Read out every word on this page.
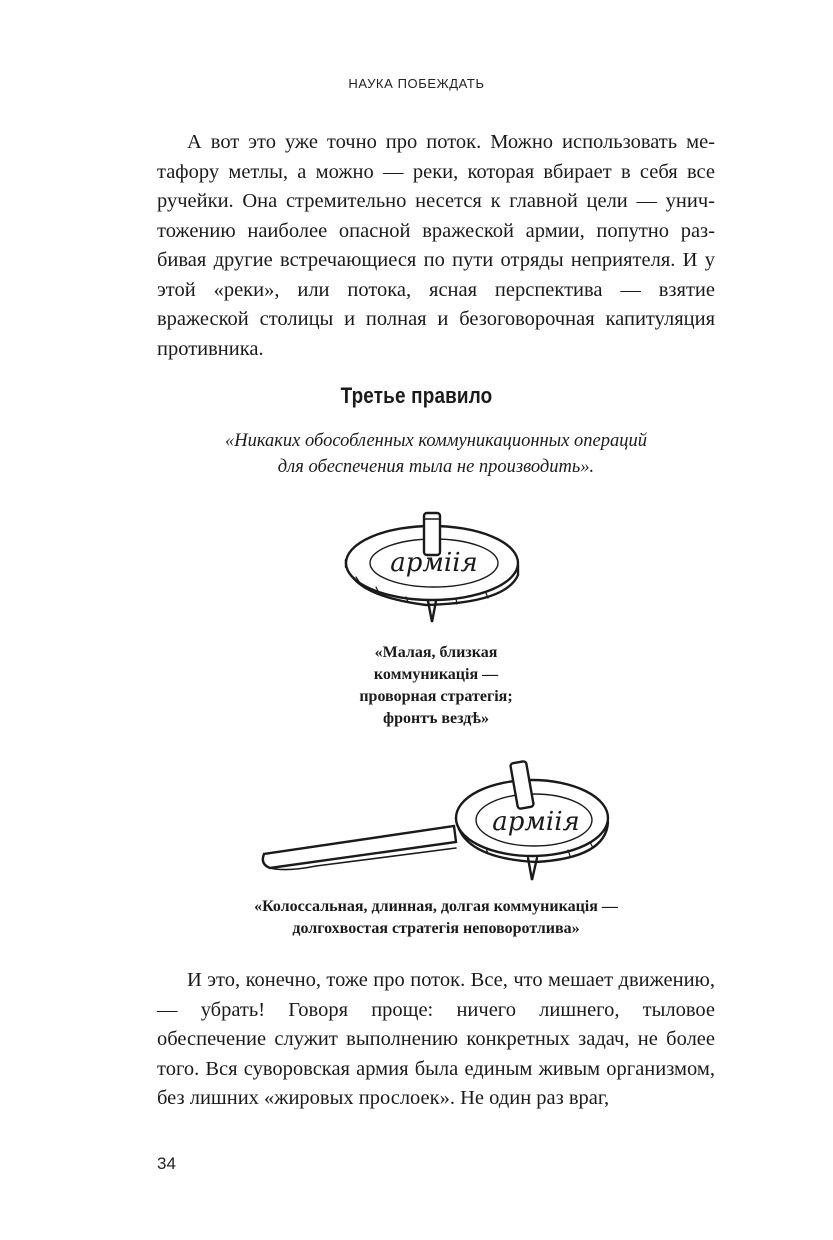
НАУКА ПОБЕЖДАТЬ

А вот это уже точно про поток. Можно использовать метафору метлы, а можно — реки, которая вбирает в себя все ручейки. Она стремительно несется к главной цели — уничтожению наиболее опасной вражеской армии, попутно разбивая другие встречающиеся по пути отряды неприятеля. И у этой «реки», или потока, ясная перспектива — взятие вражеской столицы и полная и безоговорочная капитуляция противника.

Третье правило
«Никаких обособленных коммуникационных операций
для обеспечения тыла не производить».
арміiя
«Малая, близкая
коммуникація —
проворная стратегія;
фронтъ вездѣ»
арміiя
«Колоссальная, длинная, долгая коммуникація —
долгохвостая стратегія неповоротлива»

И это, конечно, тоже про поток. Все, что мешает движению, — убрать! Говоря проще: ничего лишнего, тыловое обеспечение служит выполнению конкретных задач, не более того. Вся суворовская армия была единым живым организмом, без лишних «жировых прослоек». Не один раз враг,

34
